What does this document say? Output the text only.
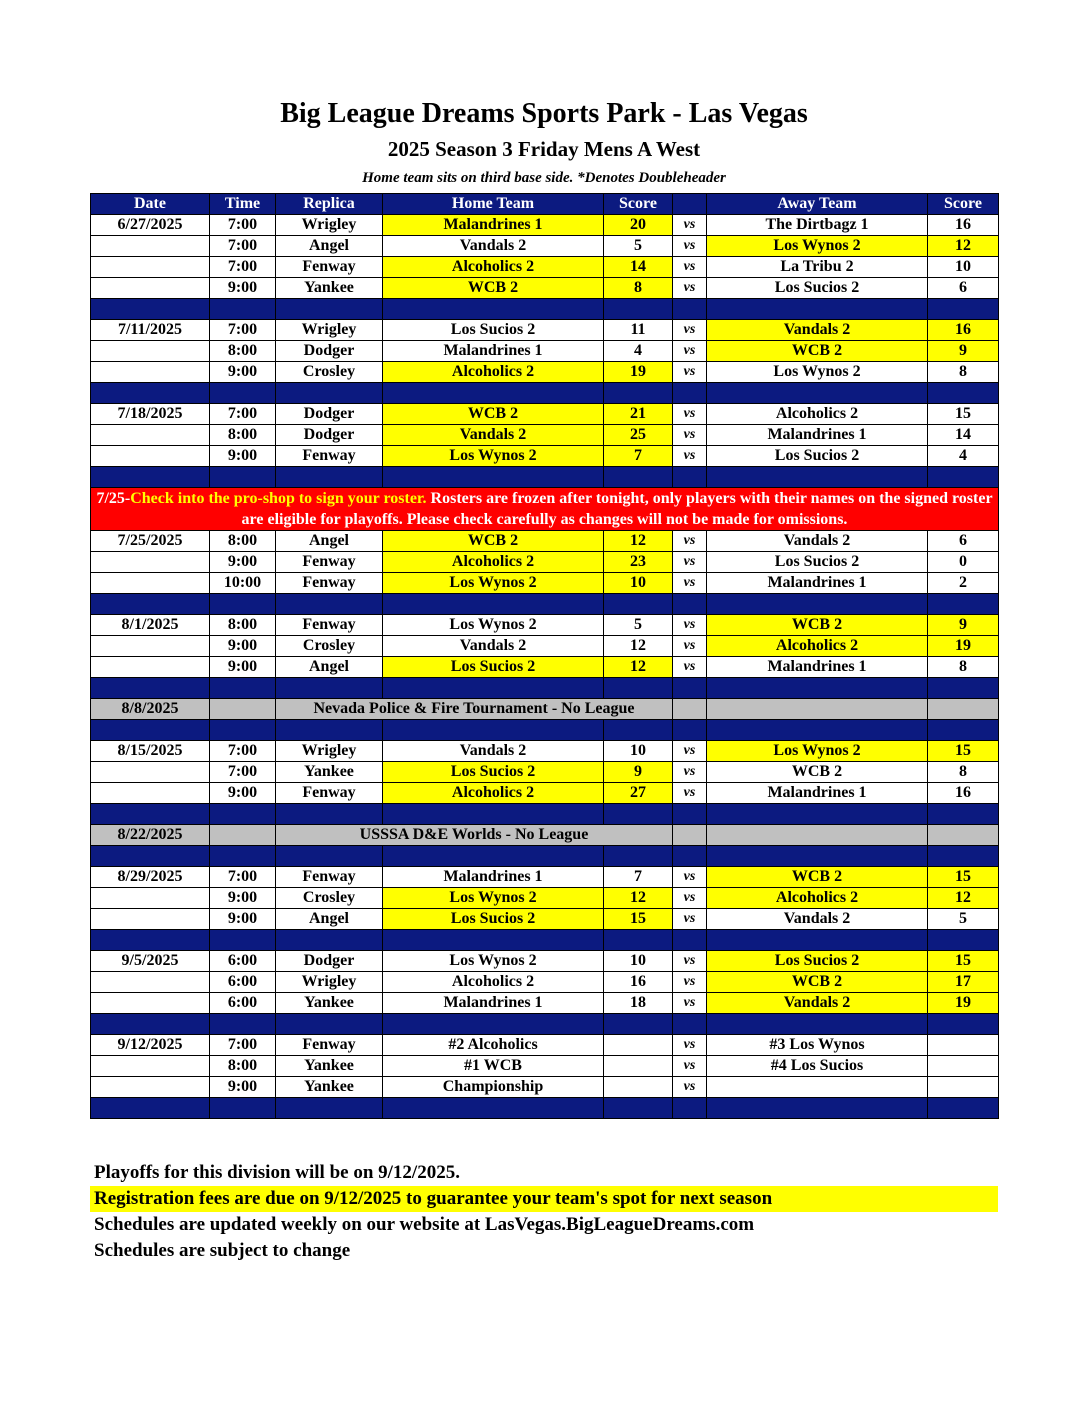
Big League Dreams Sports Park - Las Vegas
2025 Season 3 Friday Mens A West
Home team sits on third base side. *Denotes Doubleheader
Date	Time	Replica	Home Team	Score		Away Team	Score
6/27/2025	7:00	Wrigley	Malandrines 1	20	vs	The Dirtbagz 1	16
	7:00	Angel	Vandals 2	5	vs	Los Wynos 2	12
	7:00	Fenway	Alcoholics 2	14	vs	La Tribu 2	10
	9:00	Yankee	WCB 2	8	vs	Los Sucios 2	6

7/11/2025	7:00	Wrigley	Los Sucios 2	11	vs	Vandals 2	16
	8:00	Dodger	Malandrines 1	4	vs	WCB 2	9
	9:00	Crosley	Alcoholics 2	19	vs	Los Wynos 2	8

7/18/2025	7:00	Dodger	WCB 2	21	vs	Alcoholics 2	15
	8:00	Dodger	Vandals 2	25	vs	Malandrines 1	14
	9:00	Fenway	Los Wynos 2	7	vs	Los Sucios 2	4

7/25-Check into the pro-shop to sign your roster. Rosters are frozen after tonight, only players with their names on the signed roster are eligible for playoffs. Please check carefully as changes will not be made for omissions.							
7/25/2025	8:00	Angel	WCB 2	12	vs	Vandals 2	6
	9:00	Fenway	Alcoholics 2	23	vs	Los Sucios 2	0
	10:00	Fenway	Los Wynos 2	10	vs	Malandrines 1	2

8/1/2025	8:00	Fenway	Los Wynos 2	5	vs	WCB 2	9
	9:00	Crosley	Vandals 2	12	vs	Alcoholics 2	19
	9:00	Angel	Los Sucios 2	12	vs	Malandrines 1	8

8/8/2025		Nevada Police & Fire Tournament - No League					

8/15/2025	7:00	Wrigley	Vandals 2	10	vs	Los Wynos 2	15
	7:00	Yankee	Los Sucios 2	9	vs	WCB 2	8
	9:00	Fenway	Alcoholics 2	27	vs	Malandrines 1	16

8/22/2025		USSSA D&E Worlds - No League					

8/29/2025	7:00	Fenway	Malandrines 1	7	vs	WCB 2	15
	9:00	Crosley	Los Wynos 2	12	vs	Alcoholics 2	12
	9:00	Angel	Los Sucios 2	15	vs	Vandals 2	5

9/5/2025	6:00	Dodger	Los Wynos 2	10	vs	Los Sucios 2	15
	6:00	Wrigley	Alcoholics 2	16	vs	WCB 2	17
	6:00	Yankee	Malandrines 1	18	vs	Vandals 2	19

9/12/2025	7:00	Fenway	#2 Alcoholics		vs	#3 Los Wynos	
	8:00	Yankee	#1 WCB		vs	#4 Los Sucios	
	9:00	Yankee	Championship		vs		

Playoffs for this division will be on 9/12/2025.
Registration fees are due on 9/12/2025 to guarantee your team's spot for next season
Schedules are updated weekly on our website at LasVegas.BigLeagueDreams.com
Schedules are subject to change
